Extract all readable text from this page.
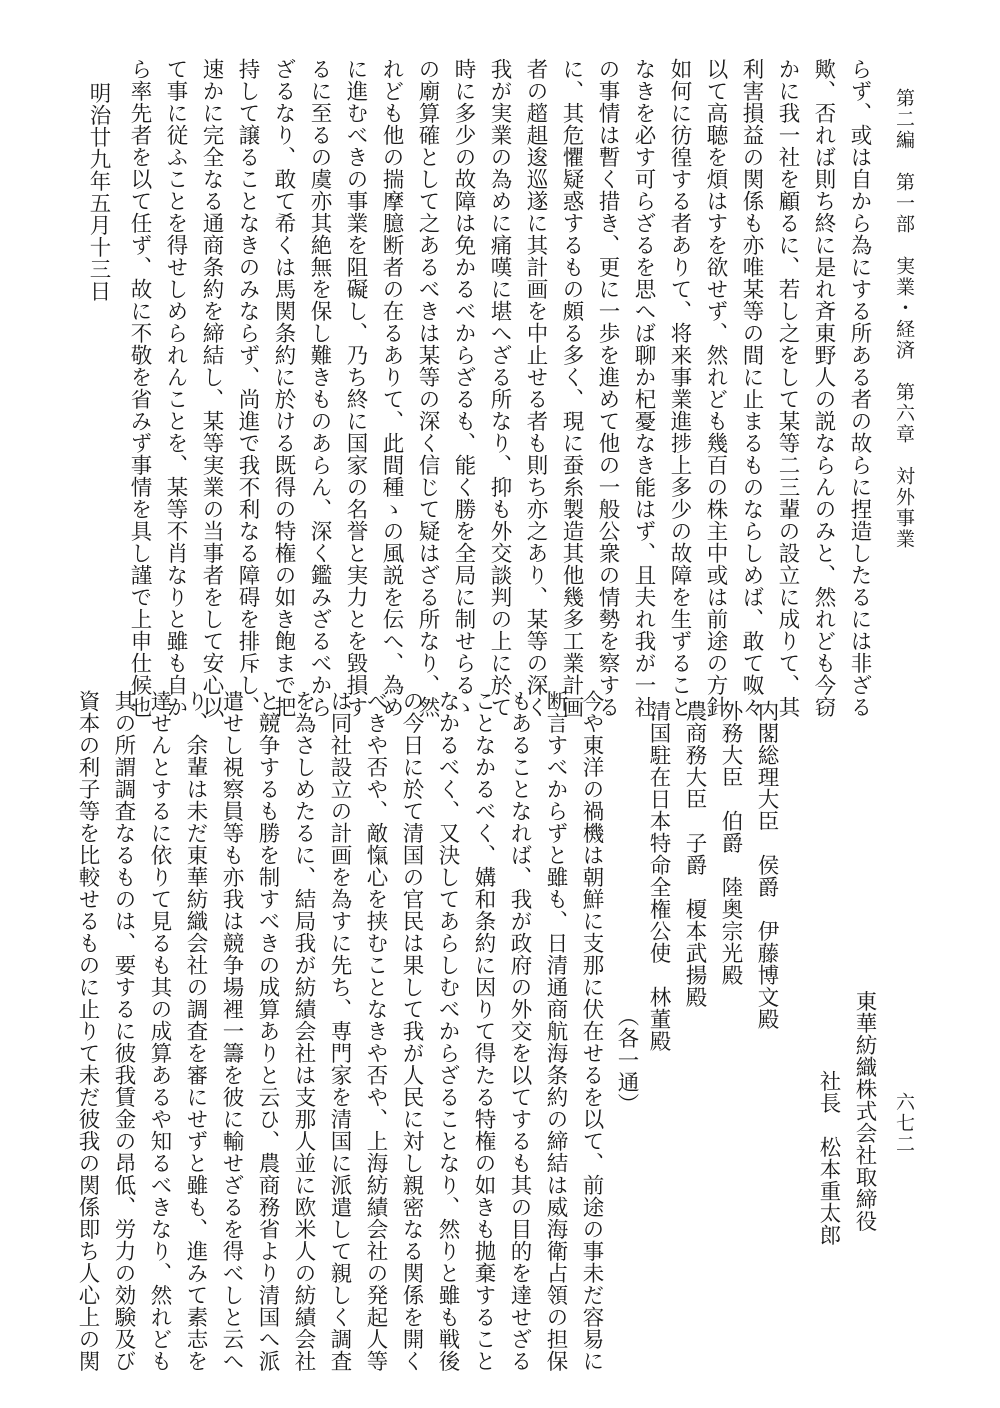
第二編　第一部　実業・経済　第六章　対外事業
六七二
らず、或は自から為にする所ある者の故らに捏造したるには非ざる
歟、否れば則ち終に是れ斉東野人の説ならんのみと、然れども今窃
かに我一社を顧るに、若し之をして某等二三輩の設立に成りて、其
利害損益の関係も亦唯某等の間に止まるものならしめば、敢て呶々
以て高聴を煩はすを欲せず、然れども幾百の株主中或は前途の方針
如何に彷徨する者ありて、将来事業進捗上多少の故障を生ずること
なきを必す可らざるを思へば聊か杞憂なき能はず、且夫れ我が一社
の事情は暫く措き、更に一歩を進めて他の一般公衆の情勢を察する
に、其危懼疑惑するもの頗る多く、現に蚕糸製造其他幾多工業計画
者の趦趄逡巡遂に其計画を中止せる者も則ち亦之あり、某等の深く
我が実業の為めに痛嘆に堪へざる所なり、抑も外交談判の上に於て
時に多少の故障は免かるべからざるも、能く勝を全局に制せらるゝ
の廟算確として之あるべきは某等の深く信じて疑はざる所なり、然
れども他の揣摩臆断者の在るありて、此間種ゝの風説を伝へ、為め
に進むべきの事業を阻礙し、乃ち終に国家の名誉と実力とを毀損す
るに至るの虞亦其絶無を保し難きものあらん、深く鑑みざるべから
ざるなり、敢て希くは馬関条約に於ける既得の特権の如き飽まで把
持して譲ることなきのみならず、尚進で我不利なる障碍を排斥し、
速かに完全なる通商条約を締結し、某等実業の当事者をして安心以
て事に従ふことを得せしめられんことを、某等不肖なりと雖も自か
ら率先者を以て任ず、故に不敬を省みず事情を具し謹で上申仕候也
明治廿九年五月十三日
東華紡織株式会社取締役
社長　松本重太郎
内閣総理大臣　侯爵　伊藤博文殿
外務大臣　伯爵　陸奥宗光殿
農商務大臣　子爵　榎本武揚殿
清国駐在日本特命全権公使　林董殿
（各一通）
今や東洋の禍機は朝鮮に支那に伏在せるを以て、前途の事未だ容易に
断言すべからずと雖も、日清通商航海条約の締結は威海衛占領の担保
もあることなれば、我が政府の外交を以てするも其の目的を達せざる
ことなかるべく、媾和条約に因りて得たる特権の如きも拋棄すること
なかるべく、又決してあらしむべからざることなり、然りと雖も戦後
の今日に於て清国の官民は果して我が人民に対し親密なる関係を開く
べきや否や、敵愾心を挟むことなきや否や、上海紡績会社の発起人等
は同社設立の計画を為すに先ち、専門家を清国に派遣して親しく調査
を為さしめたるに、結局我が紡績会社は支那人並に欧米人の紡績会社
と競争するも勝を制すべきの成算ありと云ひ、農商務省より清国へ派
遣せし視察員等も亦我は競争場裡一籌を彼に輸せざるを得べしと云へ
り、余輩は未だ東華紡織会社の調査を審にせずと雖も、進みて素志を
達せんとするに依りて見るも其の成算あるや知るべきなり、然れども
其の所謂調査なるものは、要するに彼我賃金の昂低、労力の効験及び
資本の利子等を比較せるものに止りて未だ彼我の関係即ち人心上の関
